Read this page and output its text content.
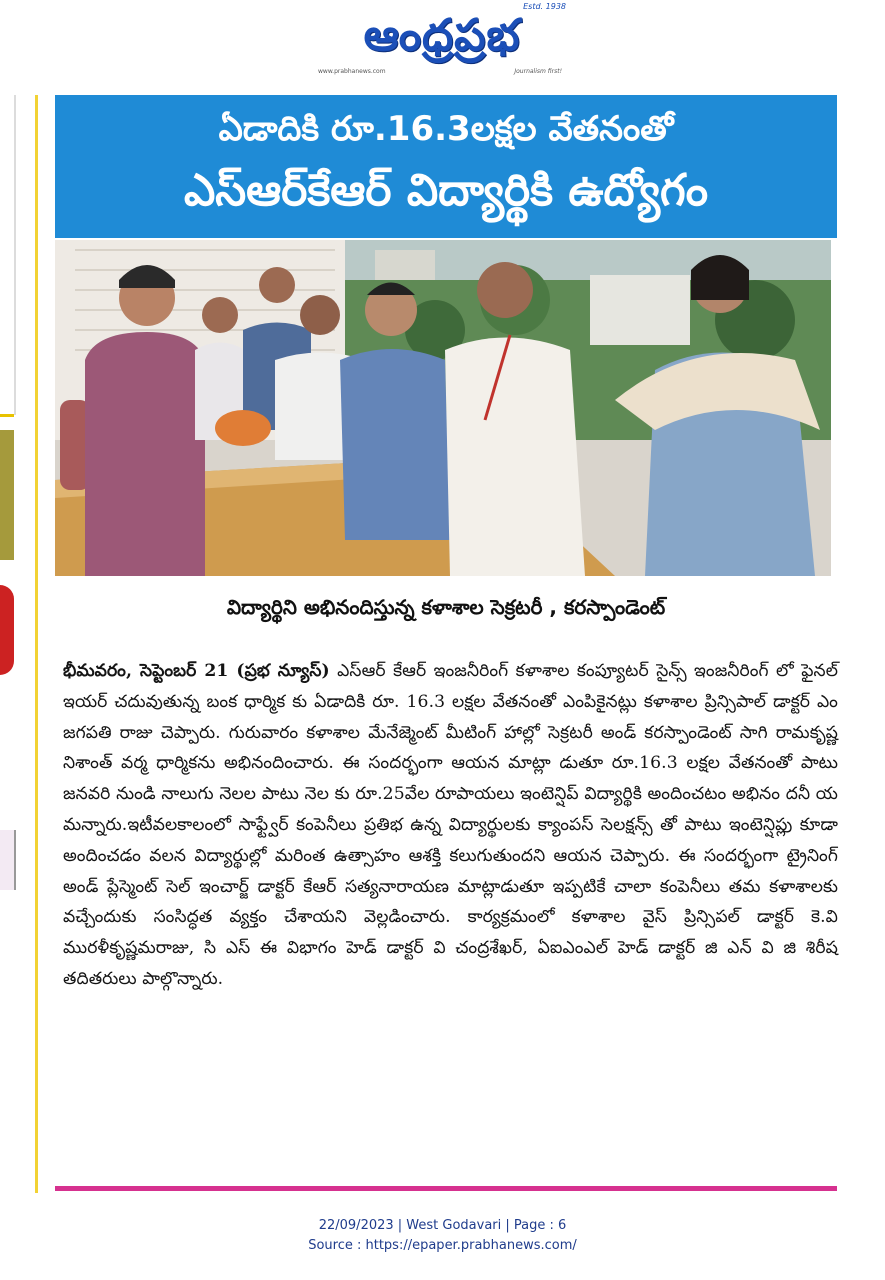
Estd. 1938
ఆంధ్రప్రభ
www.prabhanews.com	Journalism first!
ఏడాదికి రూ.16.3లక్షల వేతనంతో
ఎస్ఆర్‌కేఆర్ విద్యార్థికి ఉద్యోగం
విద్యార్థిని అభినందిస్తున్న కళాశాల సెక్రటరీ , కరస్పాండెంట్
భీమవరం, సెప్టెంబర్ 21 (ప్రభ న్యూస్) ఎస్ఆర్ కేఆర్ ఇంజనీరింగ్ కళాశాల కంప్యూటర్ సైన్స్ ఇంజనీరింగ్ లో ఫైనల్ ఇయర్ చదువుతున్న బంక ధార్మిక కు ఏడాదికి రూ. 16.3 లక్షల వేతనంతో ఎంపికైనట్లు కళాశాల ప్రిన్సిపాల్ డాక్టర్ ఎం జగపతి రాజు చెప్పారు. గురువారం కళాశాల మేనేజ్మెంట్ మీటింగ్ హాల్లో సెక్రటరీ అండ్ కరస్పాండెంట్ సాగి రామకృష్ణ నిశాంత్ వర్మ ధార్మికను అభినందించారు. ఈ సందర్భంగా ఆయన మాట్లా డుతూ రూ.16.3 లక్షల వేతనంతో పాటు జనవరి నుండి నాలుగు నెలల పాటు నెల కు రూ.25వేల రూపాయలు ఇంటెన్షిప్ విద్యార్థికి అందించటం అభినం దనీ య మన్నారు.ఇటీవలకాలంలో సాఫ్ట్వేర్ కంపెనీలు ప్రతిభ ఉన్న విద్యార్థులకు క్యాంపస్ సెలక్షన్స్ తో పాటు ఇంటెన్షిప్లు కూడా అందించడం వలన విద్యార్థుల్లో మరింత ఉత్సాహం ఆశక్తి కలుగుతుందని ఆయన చెప్పారు. ఈ సందర్భంగా ట్రైనింగ్ అండ్ ప్లేస్మెంట్ సెల్ ఇంచార్జ్ డాక్టర్ కేఆర్ సత్యనారాయణ మాట్లాడుతూ ఇప్పటికే చాలా కంపెనీలు తమ కళాశాలకు వచ్చేందుకు సంసిద్ధత వ్యక్తం చేశాయని వెల్లడించారు. కార్యక్రమంలో కళాశాల వైస్ ప్రిన్సిపల్ డాక్టర్ కె.వి మురళీకృష్ణమరాజు, సి ఎస్ ఈ విభాగం హెడ్ డాక్టర్ వి చంద్రశేఖర్, ఏఐఎంఎల్ హెడ్ డాక్టర్ జి ఎన్ వి జి శిరీష తదితరులు పాల్గొన్నారు.
22/09/2023 | West Godavari | Page : 6
Source : https://epaper.prabhanews.com/
